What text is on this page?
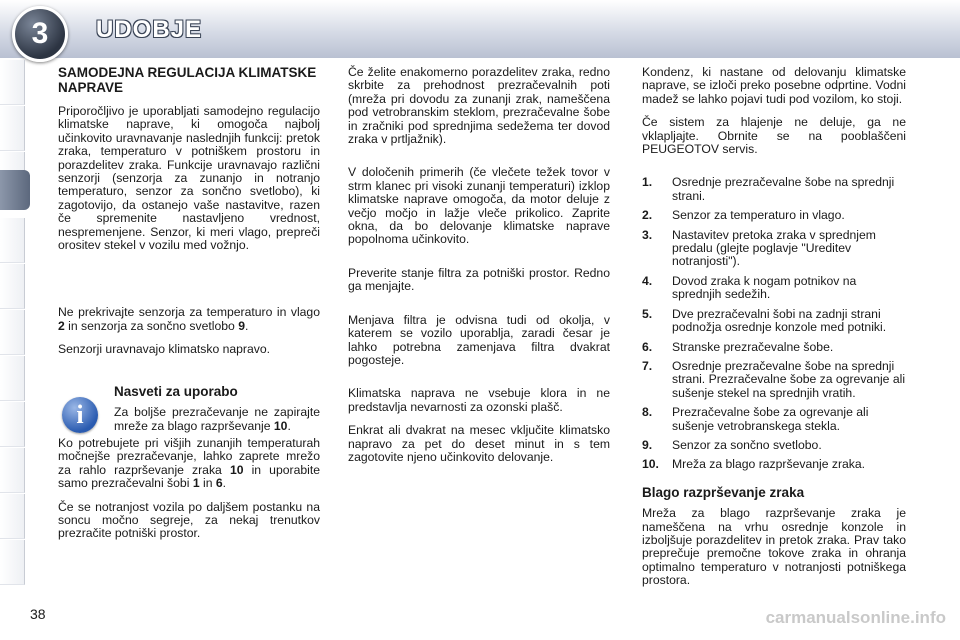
3	UDOBJE
SAMODEJNA REGULACIJA KLIMATSKE NAPRAVE

Priporočljivo je uporabljati samodejno regulacijo klimatske naprave, ki omogoča najbolj učinkovito uravnavanje naslednjih funkcij: pretok zraka, temperaturo v potniškem prostoru in porazdelitev zraka. Funkcije uravnavajo različni senzorji (senzorja za zunanjo in notranjo temperaturo, senzor za sončno svetlobo), ki zagotovijo, da ostanejo vaše nastavitve, razen če spremenite nastavljeno vrednost, nespremenjene. Senzor, ki meri vlago, prepreči orositev stekel v vozilu med vožnjo.

Ne prekrivajte senzorja za temperaturo in vlago 2 in senzorja za sončno svetlobo 9.

Senzorji uravnavajo klimatsko napravo.

i
Nasveti za uporabo

Za boljše prezračevanje ne zapirajte mreže za blago razprševanje 10.

Ko potrebujete pri višjih zunanjih temperaturah močnejše prezračevanje, lahko zaprete mrežo za rahlo razprševanje zraka 10 in uporabite samo prezračevalni šobi 1 in 6.

Če se notranjost vozila po daljšem postanku na soncu močno segreje, za nekaj trenutkov prezračite potniški prostor.

Če želite enakomerno porazdelitev zraka, redno skrbite za prehodnost prezračevalnih poti (mreža pri dovodu za zunanji zrak, nameščena pod vetrobranskim steklom, prezračevalne šobe in zračniki pod sprednjima sedežema ter dovod zraka v prtljažnik).

V določenih primerih (če vlečete težek tovor v strm klanec pri visoki zunanji temperaturi) izklop klimatske naprave omogoča, da motor deluje z večjo močjo in lažje vleče prikolico. Zaprite okna, da bo delovanje klimatske naprave popolnoma učinkovito.

Preverite stanje filtra za potniški prostor. Redno ga menjajte.

Menjava filtra je odvisna tudi od okolja, v katerem se vozilo uporablja, zaradi česar je lahko potrebna zamenjava filtra dvakrat pogosteje.

Klimatska naprava ne vsebuje klora in ne predstavlja nevarnosti za ozonski plašč.

Enkrat ali dvakrat na mesec vključite klimatsko napravo za pet do deset minut in s tem zagotovite njeno učinkovito delovanje.

Kondenz, ki nastane od delovanju klimatske naprave, se izloči preko posebne odprtine. Vodni madež se lahko pojavi tudi pod vozilom, ko stoji.

Če sistem za hlajenje ne deluje, ga ne vklapljajte. Obrnite se na pooblaščeni PEUGEOTOV servis.

1. Osrednje prezračevalne šobe na sprednji strani.
2. Senzor za temperaturo in vlago.
3. Nastavitev pretoka zraka v sprednjem predalu (glejte poglavje "Ureditev notranjosti").
4. Dovod zraka k nogam potnikov na sprednjih sedežih.
5. Dve prezračevalni šobi na zadnji strani podnožja osrednje konzole med potniki.
6. Stranske prezračevalne šobe.
7. Osrednje prezračevalne šobe na sprednji strani. Prezračevalne šobe za ogrevanje ali sušenje stekel na sprednjih vratih.
8. Prezračevalne šobe za ogrevanje ali sušenje vetrobranskega stekla.
9. Senzor za sončno svetlobo.
10. Mreža za blago razprševanje zraka.
Blago razprševanje zraka

Mreža za blago razprševanje zraka je nameščena na vrhu osrednje konzole in izboljšuje porazdelitev in pretok zraka. Prav tako preprečuje premočne tokove zraka in ohranja optimalno temperaturo v notranjosti potniškega prostora.

38	carmanualsonline.info
